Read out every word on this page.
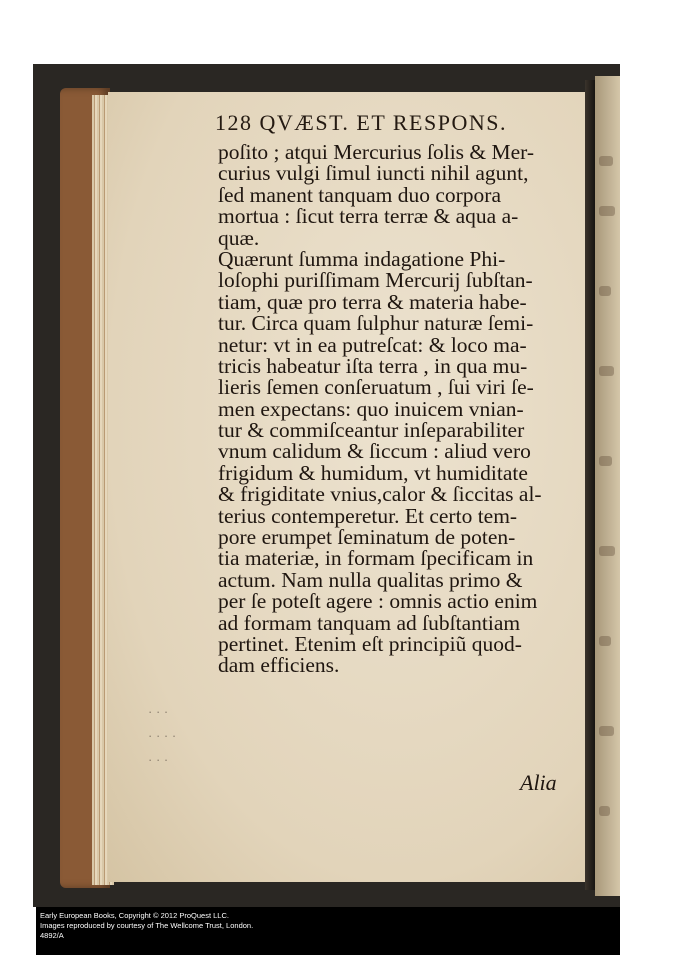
128 QVÆST. ET RESPONS.
poſito ; atqui Mercurius ſolis & Mer-
curius vulgi ſimul iuncti nihil agunt,
ſed manent tanquam duo corpora
mortua : ſicut terra terræ & aqua a-
quæ.
Quærunt ſumma indagatione Phi-
loſophi puriſſimam Mercurij ſubſtan-
tiam, quæ pro terra & materia habe-
tur. Circa quam ſulphur naturæ ſemi-
netur: vt in ea putreſcat: & loco ma-
tricis habeatur iſta terra , in qua mu-
lieris ſemen conſeruatum , ſui viri ſe-
men expectans: quo inuicem vnian-
tur & commiſceantur inſeparabiliter
vnum calidum & ſiccum : aliud vero
frigidum & humidum, vt humiditate
& frigiditate vnius,calor & ſiccitas al-
terius contemperetur. Et certo tem-
pore erumpet ſeminatum de poten-
tia materiæ, in formam ſpecificam in
actum. Nam nulla qualitas primo &
per ſe poteſt agere : omnis actio enim
ad formam tanquam ad ſubſtantiam
pertinet. Etenim eſt principiũ quod-
dam efficiens.
· · ·
· · · ·
· · ·
Alia
Early European Books, Copyright © 2012 ProQuest LLC.
Images reproduced by courtesy of The Wellcome Trust, London.
4892/A
